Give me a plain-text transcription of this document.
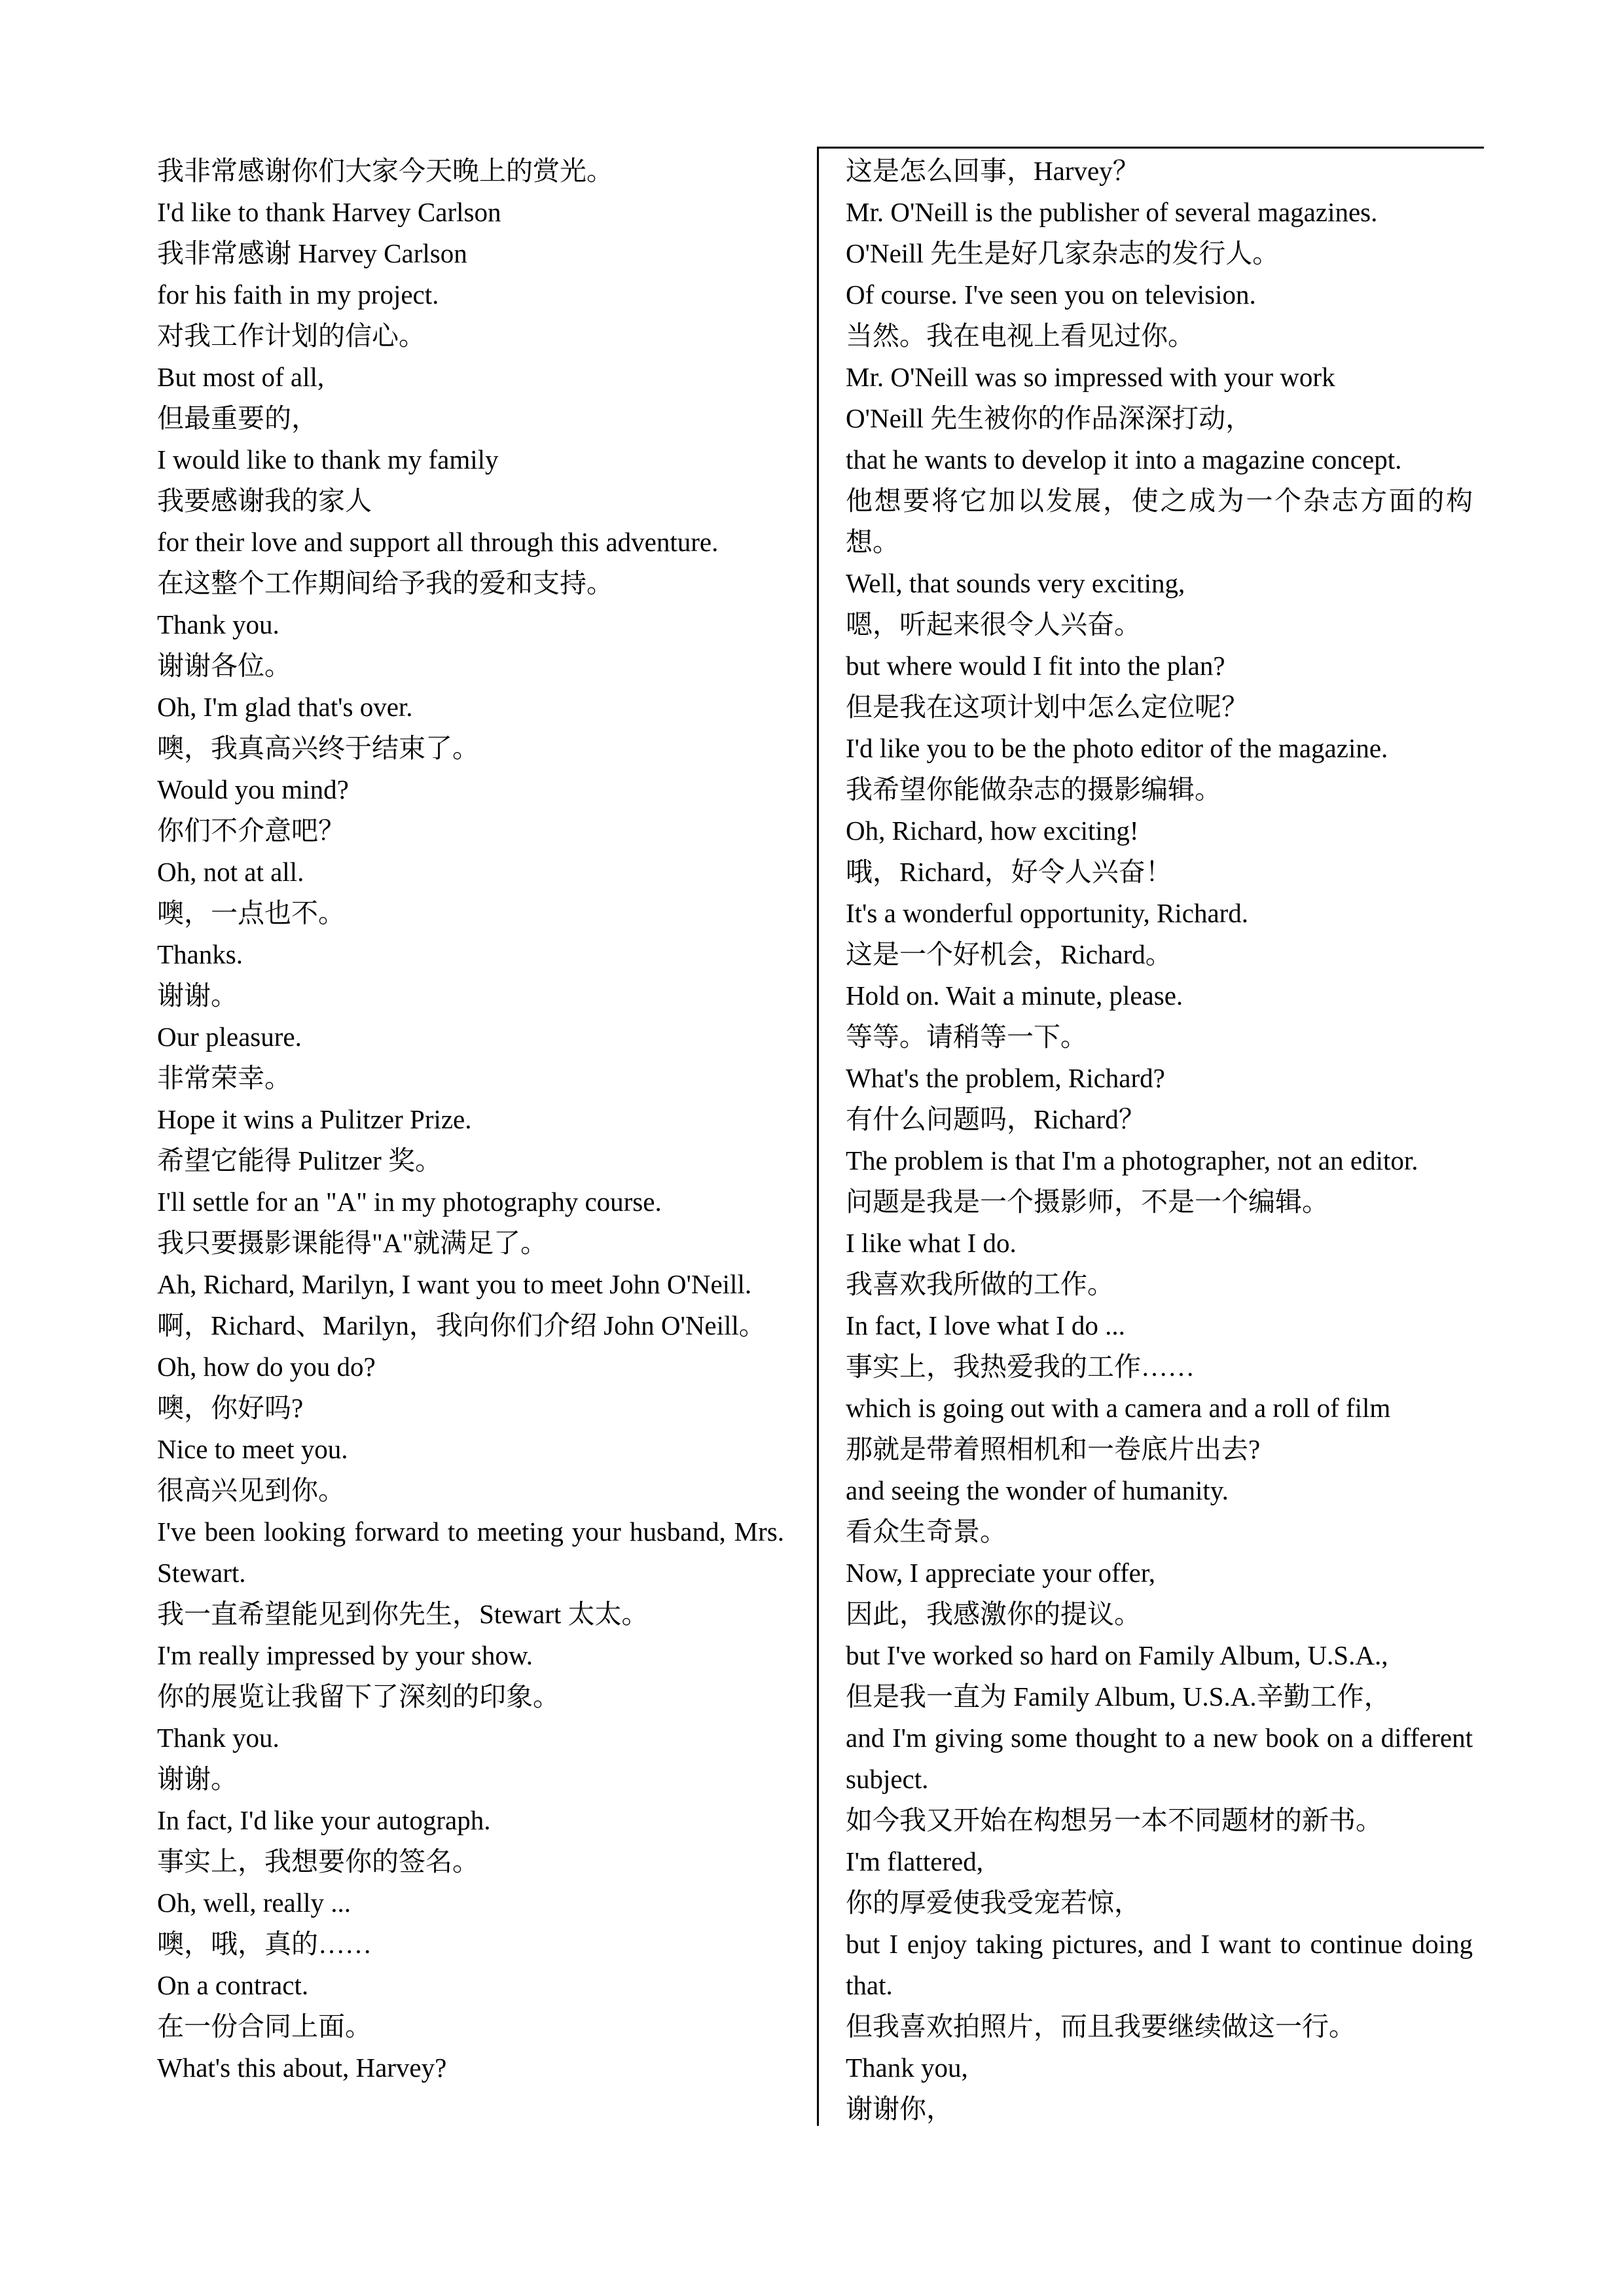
我非常感谢你们大家今天晚上的赏光。
I'd like to thank Harvey Carlson
我非常感谢 Harvey Carlson
for his faith in my project.
对我工作计划的信心。
But most of all,
但最重要的，
I would like to thank my family
我要感谢我的家人
for their love and support all through this adventure.
在这整个工作期间给予我的爱和支持。
Thank you.
谢谢各位。
Oh, I'm glad that's over.
噢，我真高兴终于结束了。
Would you mind?
你们不介意吧？
Oh, not at all.
噢，一点也不。
Thanks.
谢谢。
Our pleasure.
非常荣幸。
Hope it wins a Pulitzer Prize.
希望它能得 Pulitzer 奖。
I'll settle for an "A" in my photography course.
我只要摄影课能得"A"就满足了。
Ah, Richard, Marilyn, I want you to meet John O'Neill.
啊，Richard、Marilyn，我向你们介绍 John O'Neill。
Oh, how do you do?
噢，你好吗?
Nice to meet you.
很高兴见到你。
I've been looking forward to meeting your husband, Mrs. Stewart.
我一直希望能见到你先生，Stewart 太太。
I'm really impressed by your show.
你的展览让我留下了深刻的印象。
Thank you.
谢谢。
In fact, I'd like your autograph.
事实上，我想要你的签名。
Oh, well, really ...
噢，哦，真的……
On a contract.
在一份合同上面。
What's this about, Harvey?
这是怎么回事，Harvey？
Mr. O'Neill is the publisher of several magazines.
O'Neill 先生是好几家杂志的发行人。
Of course. I've seen you on television.
当然。我在电视上看见过你。
Mr. O'Neill was so impressed with your work
O'Neill 先生被你的作品深深打动，
that he wants to develop it into a magazine concept.
他想要将它加以发展，使之成为一个杂志方面的构想。
Well, that sounds very exciting,
嗯，听起来很令人兴奋。
but where would I fit into the plan?
但是我在这项计划中怎么定位呢？
I'd like you to be the photo editor of the magazine.
我希望你能做杂志的摄影编辑。
Oh, Richard, how exciting!
哦，Richard，好令人兴奋！
It's a wonderful opportunity, Richard.
这是一个好机会，Richard。
Hold on. Wait a minute, please.
等等。请稍等一下。
What's the problem, Richard?
有什么问题吗，Richard？
The problem is that I'm a photographer, not an editor.
问题是我是一个摄影师，不是一个编辑。
I like what I do.
我喜欢我所做的工作。
In fact, I love what I do ...
事实上，我热爱我的工作……
which is going out with a camera and a roll of film
那就是带着照相机和一卷底片出去?
and seeing the wonder of humanity.
看众生奇景。
Now, I appreciate your offer,
因此，我感激你的提议。
but I've worked so hard on Family Album, U.S.A.,
但是我一直为 Family Album, U.S.A.辛勤工作，
and I'm giving some thought to a new book on a different subject.
如今我又开始在构想另一本不同题材的新书。
I'm flattered,
你的厚爱使我受宠若惊，
but I enjoy taking pictures, and I want to continue doing that.
但我喜欢拍照片，而且我要继续做这一行。
Thank you,
谢谢你，
